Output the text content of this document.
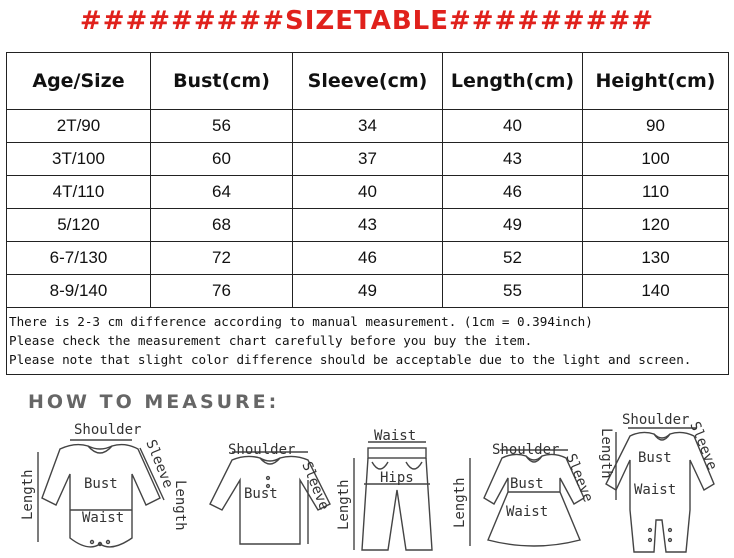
#########SIZETABLE#########
Age/Size	Bust(cm)	Sleeve(cm)	Length(cm)	Height(cm)
2T/90	56	34	40	90
3T/100	60	37	43	100
4T/110	64	40	46	110
5/120	68	43	49	120
6-7/130	72	46	52	130
8-9/140	76	49	55	140

There is 2-3 cm difference according to manual measurement. (1cm = 0.394inch)
Please check the measurement chart carefully before you buy the item.
Please note that slight color difference should be acceptable due to the light and screen.				
HOW TO MEASURE:
Shoulder
Sleeve
Length	Bust
Waist
Shoulder
Sleeve
Length	Bust
Waist
Hips
Length
Shoulder
Sleeve
Length	Bust
Waist
Shoulder
Sleeve
Length Bust
Waist
